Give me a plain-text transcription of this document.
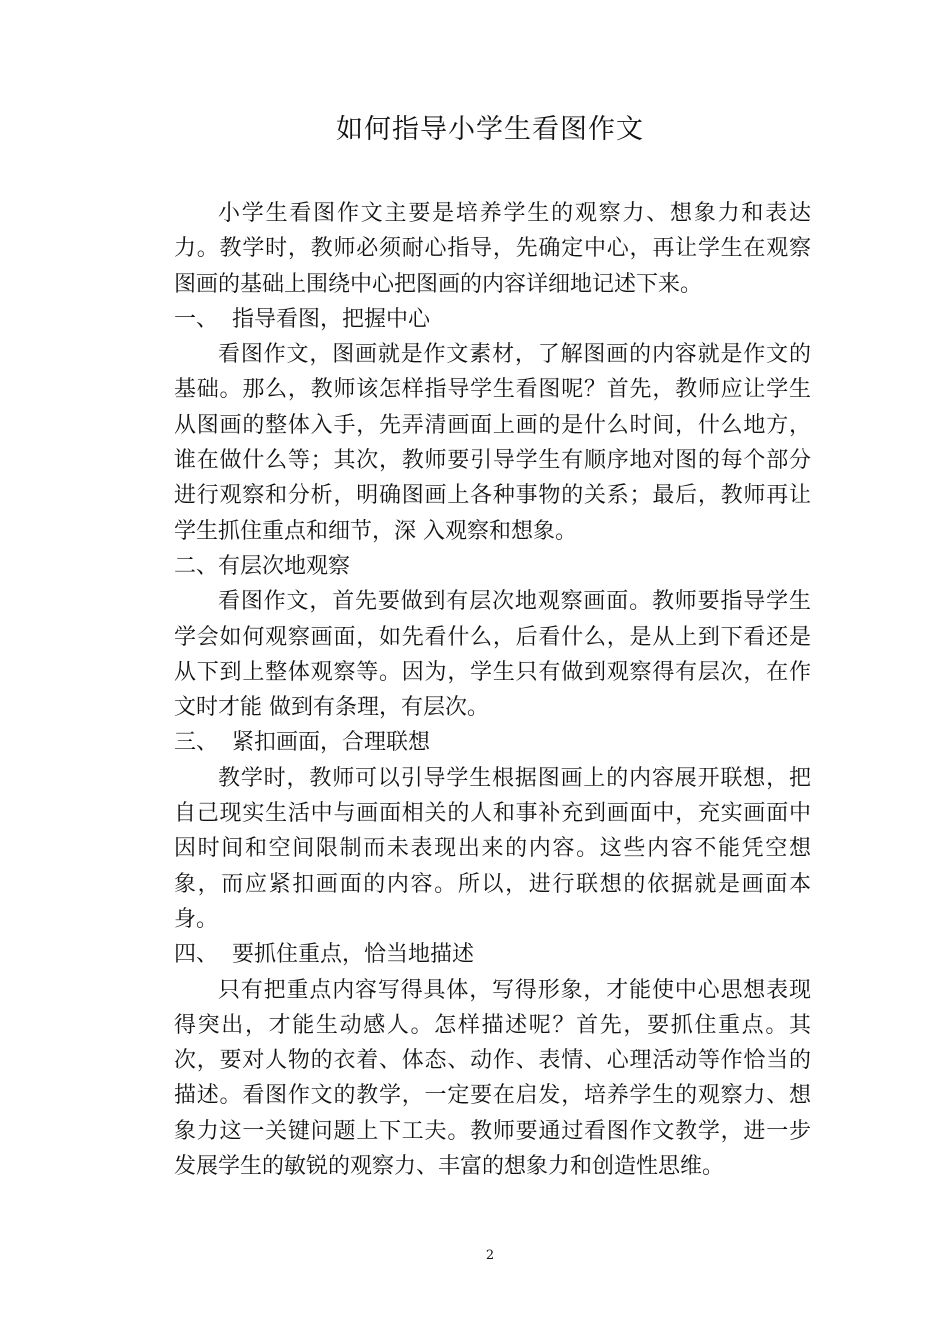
如何指导小学生看图作文

小学生看图作文主要是培养学生的观察力、想象力和表达力。教学时，教师必须耐心指导，先确定中心，再让学生在观察图画的基础上围绕中心把图画的内容详细地记述下来。

一、  指导看图，把握中心

看图作文，图画就是作文素材，了解图画的内容就是作文的基础。那么，教师该怎样指导学生看图呢？首先，教师应让学生从图画的整体入手，先弄清画面上画的是什么时间，什么地方，谁在做什么等；其次，教师要引导学生有顺序地对图的每个部分进行观察和分析，明确图画上各种事物的关系；最后，教师再让学生抓住重点和细节，深 入观察和想象。

二、有层次地观察

看图作文，首先要做到有层次地观察画面。教师要指导学生学会如何观察画面，如先看什么，后看什么，是从上到下看还是从下到上整体观察等。因为，学生只有做到观察得有层次，在作文时才能 做到有条理，有层次。

三、  紧扣画面，合理联想

教学时，教师可以引导学生根据图画上的内容展开联想，把自己现实生活中与画面相关的人和事补充到画面中，充实画面中因时间和空间限制而未表现出来的内容。这些内容不能凭空想象，而应紧扣画面的内容。所以，进行联想的依据就是画面本身。

四、  要抓住重点，恰当地描述

只有把重点内容写得具体，写得形象，才能使中心思想表现得突出，才能生动感人。怎样描述呢？首先，要抓住重点。其次，要对人物的衣着、体态、动作、表情、心理活动等作恰当的描述。看图作文的教学，一定要在启发，培养学生的观察力、想象力这一关键问题上下工夫。教师要通过看图作文教学，进一步发展学生的敏锐的观察力、丰富的想象力和创造性思维。

2
